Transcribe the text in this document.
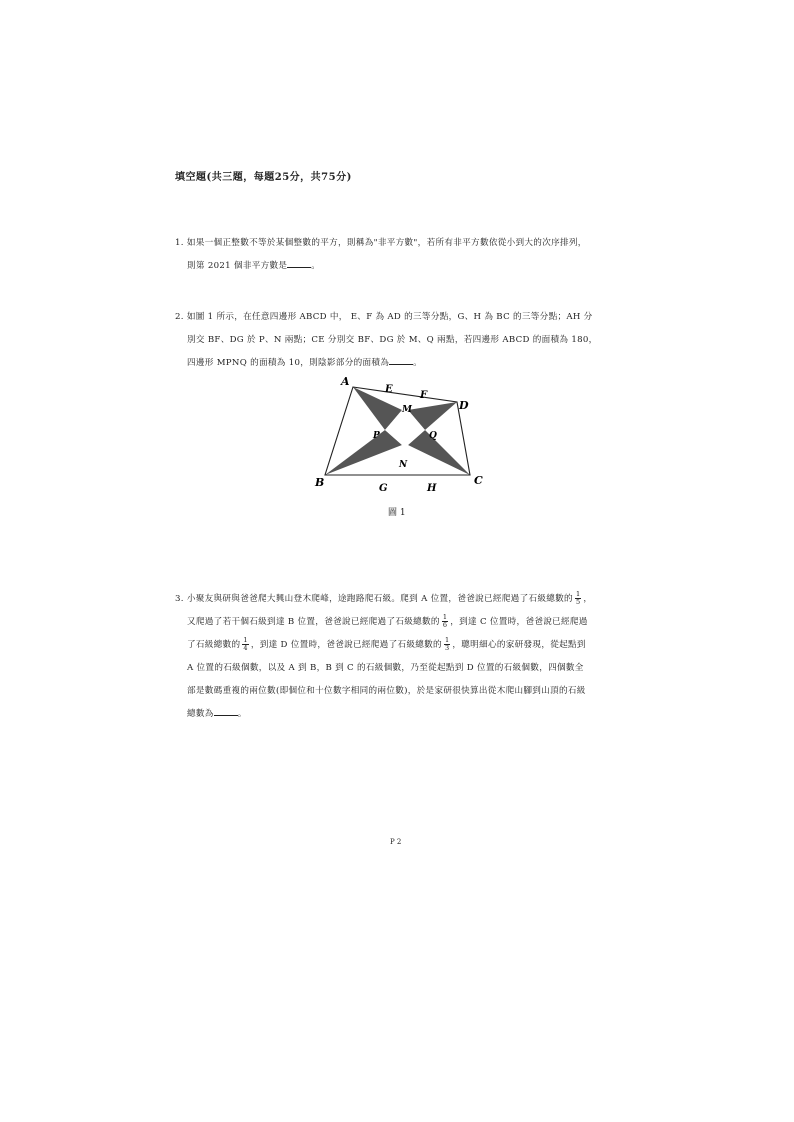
填空題(共三題，每題25分，共75分)
1. 如果一個正整數不等於某個整數的平方，則稱為"非平方數"，若所有非平方數依從小到大的次序排列，
則第 2021 個非平方數是	。
2. 如圖 1 所示，在任意四邊形 ABCD 中， E、F 為 AD 的三等分點，G、H 為 BC 的三等分點；AH 分
別交 BF、DG 於 P、N 兩點；CE 分別交 BF、DG 於 M、Q 兩點，若四邊形 ABCD 的面積為 180，
四邊形 MPNQ 的面積為 10，則陰影部分的面積為	。
A
B	C
D
E
F
G	H
M
N
P	Q
圖 1
3. 小聚友與研與爸爸爬大興山登木爬峰，途跑路爬石級。爬到 A 位置，爸爸說已經爬過了石級總數的 $\frac{1}{5}$ ，
又爬過了若干個石級到達 B 位置，爸爸說已經爬過了石級總數的 $\frac{1}{6}$ ，到達 C 位置時，爸爸說已經爬過
了石級總數的 $\frac{1}{4}$ ，到達 D 位置時，爸爸說已經爬過了石級總數的 $\frac{1}{3}$ ，聰明細心的家研發現，從起點到
A 位置的石級個數，以及 A 到 B，B 到 C 的石級個數，乃至從起點到 D 位置的石級個數，四個數全
部是數碼重複的兩位數(即個位和十位數字相同的兩位數)，於是家研很快算出從木爬山腳到山頂的石級
總數為	。
P 2
